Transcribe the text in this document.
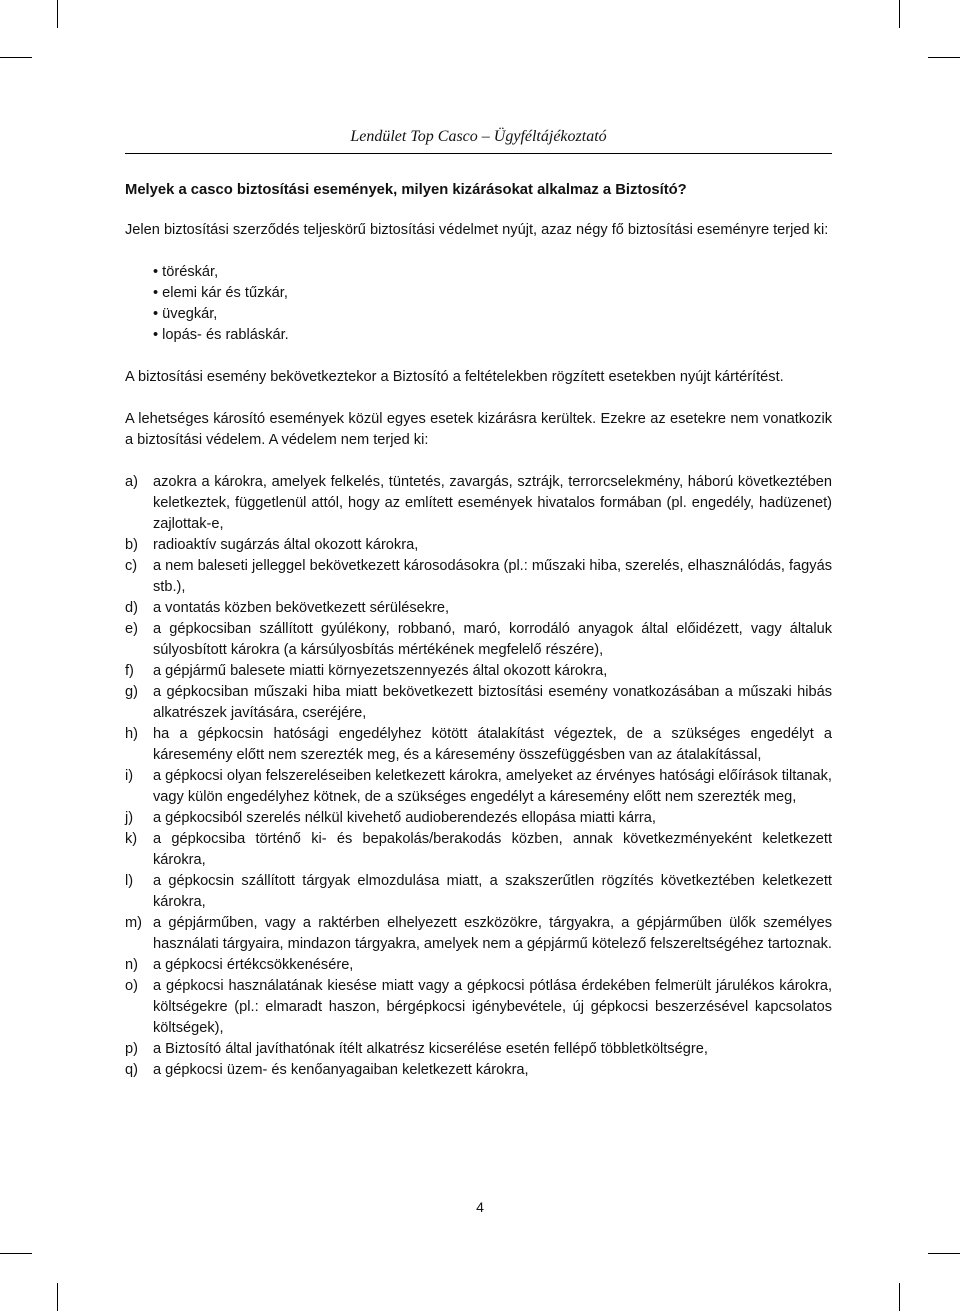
Lendület Top Casco – Ügyféltájékoztató

Melyek a casco biztosítási események, milyen kizárásokat alkalmaz a Biztosító?

Jelen biztosítási szerződés teljeskörű biztosítási védelmet nyújt, azaz négy fő biztosítási eseményre terjed ki:

• töréskár,
• elemi kár és tűzkár,
• üvegkár,
• lopás- és rabláskár.

A biztosítási esemény bekövetkeztekor a Biztosító a feltételekben rögzített esetekben nyújt kártérítést.

A lehetséges károsító események közül egyes esetek kizárásra kerültek. Ezekre az esetekre nem vonatkozik a biztosítási védelem. A védelem nem terjed ki:

a)	azokra a károkra, amelyek felkelés, tüntetés, zavargás, sztrájk, terrorcselekmény, háború következtében keletkeztek, függetlenül attól, hogy az említett események hivatalos formában (pl. engedély, hadüzenet) zajlottak-e,
b)	radioaktív sugárzás által okozott károkra,
c)	a nem baleseti jelleggel bekövetkezett károsodásokra (pl.: műszaki hiba, szerelés, elhasználódás, fagyás stb.),
d)	a vontatás közben bekövetkezett sérülésekre,
e)	a gépkocsiban szállított gyúlékony, robbanó, maró, korrodáló anyagok által előidézett, vagy általuk súlyosbított károkra (a kársúlyosbítás mértékének megfelelő részére),
f)	a gépjármű balesete miatti környezetszennyezés által okozott károkra,
g)	a gépkocsiban műszaki hiba miatt bekövetkezett biztosítási esemény vonatkozásában a műszaki hibás alkatrészek javítására, cseréjére,
h)	ha a gépkocsin hatósági engedélyhez kötött átalakítást végeztek, de a szükséges engedélyt a káresemény előtt nem szerezték meg, és a káresemény összefüggésben van az átalakítással,
i)	a gépkocsi olyan felszereléseiben keletkezett károkra, amelyeket az érvényes hatósági előírások tiltanak, vagy külön engedélyhez kötnek, de a szükséges engedélyt a káresemény előtt nem szerezték meg,
j)	a gépkocsiból szerelés nélkül kivehető audioberendezés ellopása miatti kárra,
k)	a gépkocsiba történő ki- és bepakolás/berakodás közben, annak következményeként keletkezett károkra,
l)	a gépkocsin szállított tárgyak elmozdulása miatt, a szakszerűtlen rögzítés következtében keletkezett károkra,
m) a gépjárműben, vagy a raktérben elhelyezett eszközökre, tárgyakra, a gépjárműben ülők személyes használati tárgyaira, mindazon tárgyakra, amelyek nem a gépjármű kötelező felszereltségéhez tartoznak.
n)	a gépkocsi értékcsökkenésére,
o)	a gépkocsi használatának kiesése miatt vagy a gépkocsi pótlása érdekében felmerült járulékos károkra, költségekre (pl.: elmaradt haszon, bérgépkocsi igénybevétele, új gépkocsi beszerzésével kapcsolatos költségek),
p)	a Biztosító által javíthatónak ítélt alkatrész kicserélése esetén fellépő többletköltségre,
q)	a gépkocsi üzem- és kenőanyagaiban keletkezett károkra,
4
